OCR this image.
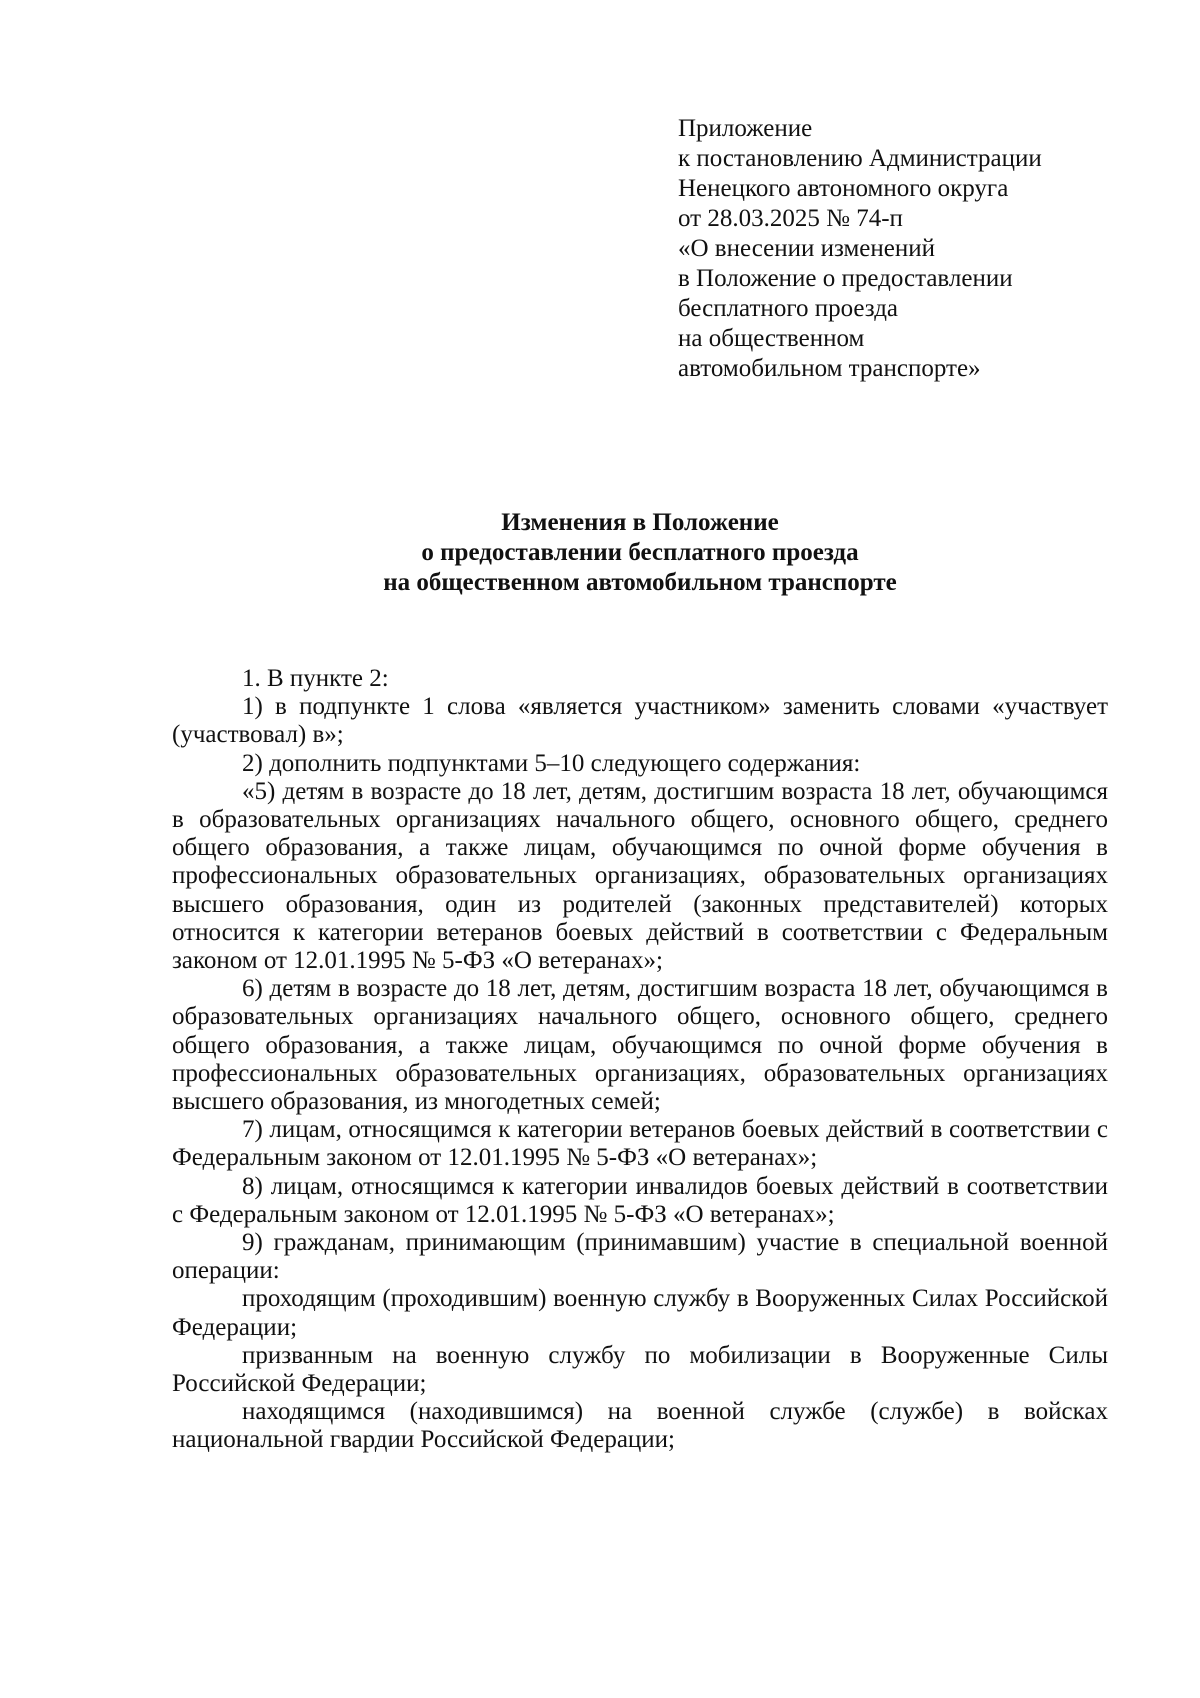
Приложение
к постановлению Администрации
Ненецкого автономного округа
от 28.03.2025 № 74-п
«О внесении изменений
в Положение о предоставлении
бесплатного проезда
на общественном
автомобильном транспорте»
Изменения в Положение
о предоставлении бесплатного проезда
на общественном автомобильном транспорте

1. В пункте 2:

1) в подпункте 1 слова «является участником» заменить словами «участвует (участвовал) в»;

2) дополнить подпунктами 5–10 следующего содержания:

«5) детям в возрасте до 18 лет, детям, достигшим возраста 18 лет, обучающимся в образовательных организациях начального общего, основного общего, среднего общего образования, а также лицам, обучающимся по очной форме обучения в профессиональных образовательных организациях, образовательных организациях высшего образования, один из родителей (законных представителей) которых относится к категории ветеранов боевых действий в соответствии с Федеральным законом от 12.01.1995 № 5-ФЗ «О ветеранах»;

6) детям в возрасте до 18 лет, детям, достигшим возраста 18 лет, обучающимся в образовательных организациях начального общего, основного общего, среднего общего образования, а также лицам, обучающимся по очной форме обучения в профессиональных образовательных организациях, образовательных организациях высшего образования, из многодетных семей;

7) лицам, относящимся к категории ветеранов боевых действий в соответствии с Федеральным законом от 12.01.1995 № 5-ФЗ «О ветеранах»;

8) лицам, относящимся к категории инвалидов боевых действий в соответствии с Федеральным законом от 12.01.1995 № 5-ФЗ «О ветеранах»;

9) гражданам, принимающим (принимавшим) участие в специальной военной операции:

проходящим (проходившим) военную службу в Вооруженных Силах Российской Федерации;

призванным на военную службу по мобилизации в Вооруженные Силы Российской Федерации;

находящимся (находившимся) на военной службе (службе) в войсках национальной гвардии Российской Федерации;
